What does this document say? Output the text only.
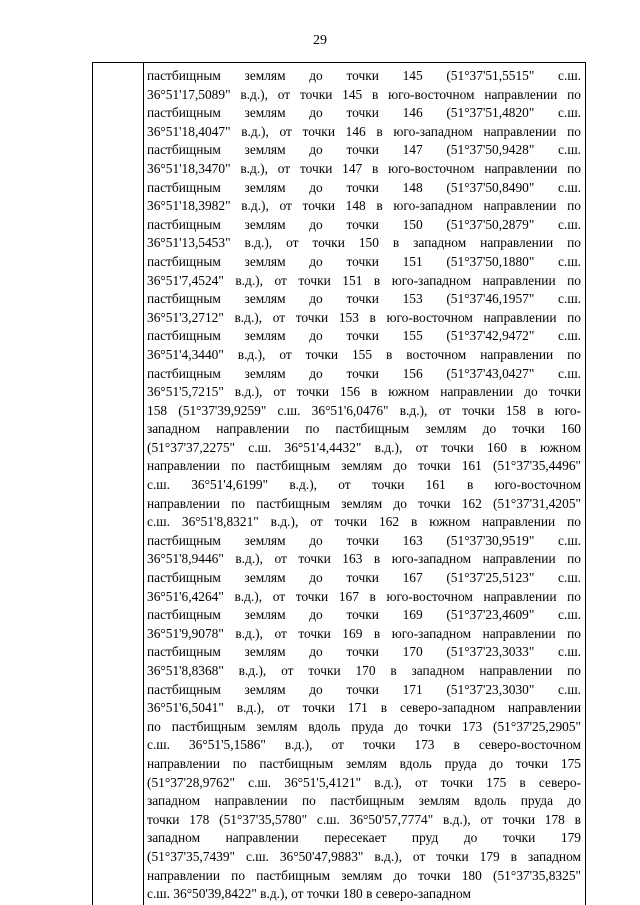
29
пастбищным землям до точки 145 (51°37'51,5515" с.ш.
36°51'17,5089" в.д.), от точки 145 в юго-восточном направлении по
пастбищным землям до точки 146 (51°37'51,4820" с.ш.
36°51'18,4047" в.д.), от точки 146 в юго-западном направлении по
пастбищным землям до точки 147 (51°37'50,9428" с.ш.
36°51'18,3470" в.д.), от точки 147 в юго-восточном направлении по
пастбищным землям до точки 148 (51°37'50,8490" с.ш.
36°51'18,3982" в.д.), от точки 148 в юго-западном направлении по
пастбищным землям до точки 150 (51°37'50,2879" с.ш.
36°51'13,5453" в.д.), от точки 150 в западном направлении по
пастбищным землям до точки 151 (51°37'50,1880" с.ш.
36°51'7,4524" в.д.), от точки 151 в юго-западном направлении по
пастбищным землям до точки 153 (51°37'46,1957" с.ш.
36°51'3,2712" в.д.), от точки 153 в юго-восточном направлении по
пастбищным землям до точки 155 (51°37'42,9472" с.ш.
36°51'4,3440" в.д.), от точки 155 в восточном направлении по
пастбищным землям до точки 156 (51°37'43,0427" с.ш.
36°51'5,7215" в.д.), от точки 156 в южном направлении до точки
158 (51°37'39,9259" с.ш. 36°51'6,0476" в.д.), от точки 158 в юго-
западном направлении по пастбищным землям до точки 160
(51°37'37,2275" с.ш. 36°51'4,4432" в.д.), от точки 160 в южном
направлении по пастбищным землям до точки 161 (51°37'35,4496"
с.ш. 36°51'4,6199" в.д.), от точки 161 в юго-восточном
направлении по пастбищным землям до точки 162 (51°37'31,4205"
с.ш. 36°51'8,8321" в.д.), от точки 162 в южном направлении по
пастбищным землям до точки 163 (51°37'30,9519" с.ш.
36°51'8,9446" в.д.), от точки 163 в юго-западном направлении по
пастбищным землям до точки 167 (51°37'25,5123" с.ш.
36°51'6,4264" в.д.), от точки 167 в юго-восточном направлении по
пастбищным землям до точки 169 (51°37'23,4609" с.ш.
36°51'9,9078" в.д.), от точки 169 в юго-западном направлении по
пастбищным землям до точки 170 (51°37'23,3033" с.ш.
36°51'8,8368" в.д.), от точки 170 в западном направлении по
пастбищным землям до точки 171 (51°37'23,3030" с.ш.
36°51'6,5041" в.д.), от точки 171 в северо-западном направлении
по пастбищным землям вдоль пруда до точки 173 (51°37'25,2905"
с.ш. 36°51'5,1586" в.д.), от точки 173 в северо-восточном
направлении по пастбищным землям вдоль пруда до точки 175
(51°37'28,9762" с.ш. 36°51'5,4121" в.д.), от точки 175 в северо-
западном направлении по пастбищным землям вдоль пруда до
точки 178 (51°37'35,5780" с.ш. 36°50'57,7774" в.д.), от точки 178 в
западном направлении пересекает пруд до точки 179
(51°37'35,7439" с.ш. 36°50'47,9883" в.д.), от точки 179 в западном
направлении по пастбищным землям до точки 180 (51°37'35,8325"
с.ш. 36°50'39,8422" в.д.), от точки 180 в северо-западном
